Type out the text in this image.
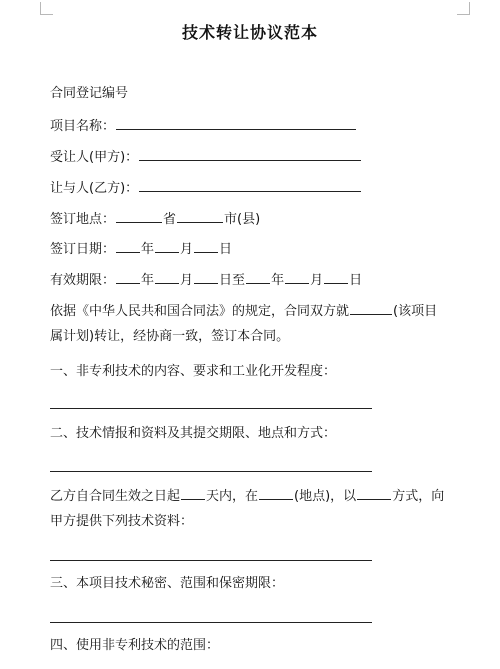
技术转让协议范本
合同登记编号
项目名称：
受让人(甲方)：
让与人(乙方)：
签订地点：	省	市(县)
签订日期： 年 月 日
有效期限： 年 月 日至 年 月 日
依据《中华人民共和国合同法》的规定，合同双方就	(该项目
属计划)转让，经协商一致，签订本合同。
一、非专利技术的内容、要求和工业化开发程度：
二、技术情报和资料及其提交期限、地点和方式：
乙方自合同生效之日起 天内，在	(地点)，以	方式，向
甲方提供下列技术资料：
三、本项目技术秘密、范围和保密期限：
四、使用非专利技术的范围：
